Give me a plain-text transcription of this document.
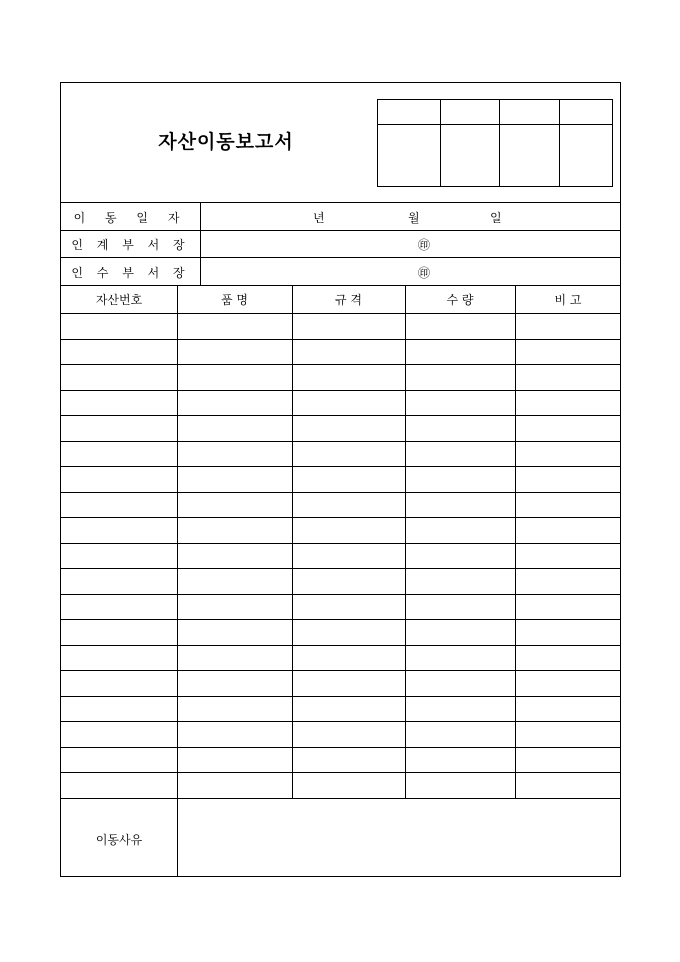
자산이동보고서
이 동 일 자	년	월	일
인 계 부 서 장	㊞
인 수 부 서 장	㊞
자산번호	품 명	규 격	수 량	비 고
이동사유
